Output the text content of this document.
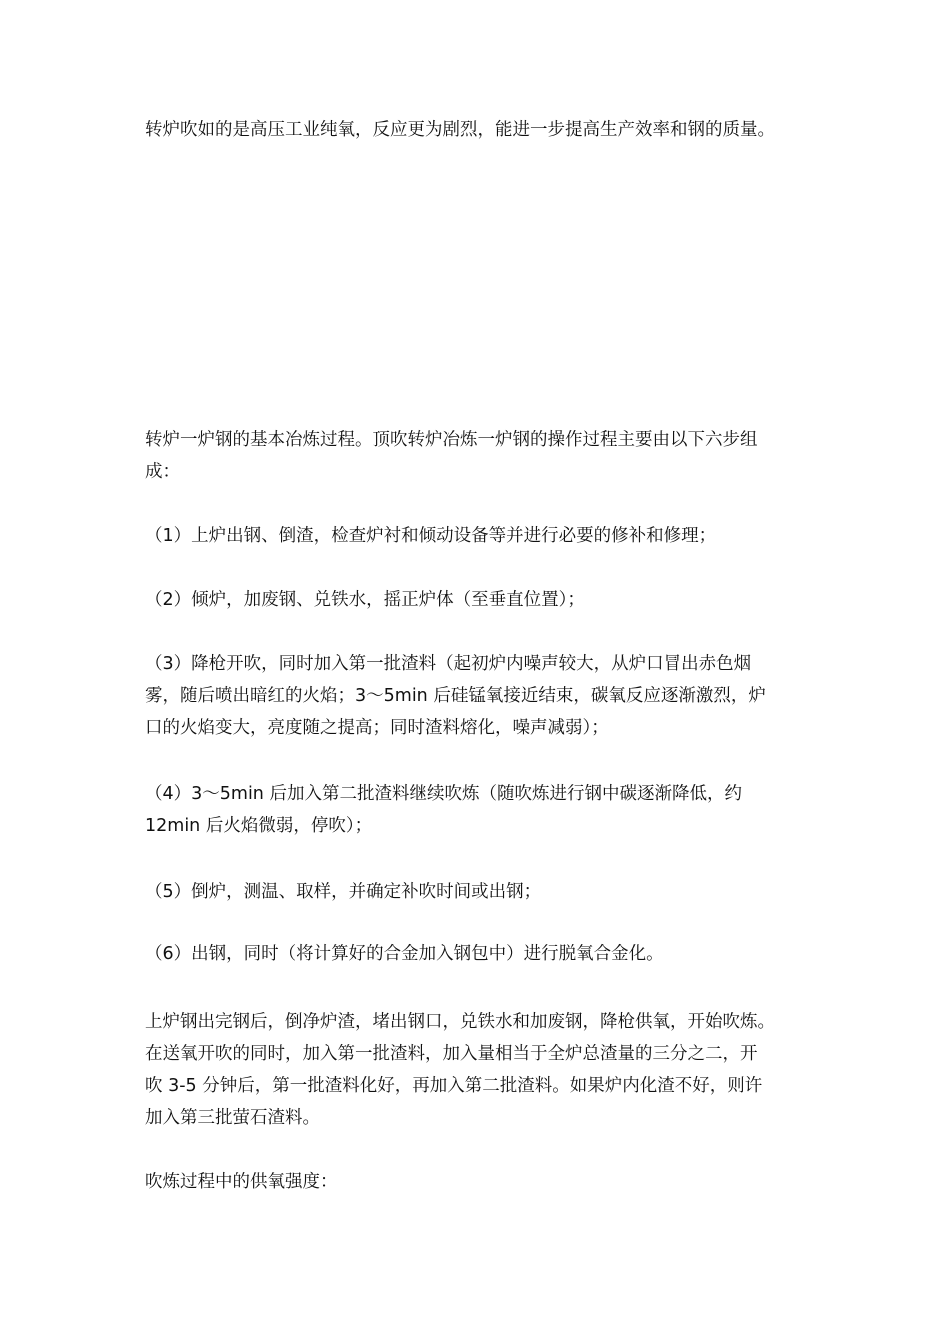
转炉吹如的是高压工业纯氧，反应更为剧烈，能进一步提高生产效率和钢的质量。

转炉一炉钢的基本冶炼过程。顶吹转炉冶炼一炉钢的操作过程主要由以下六步组
成：

（1）上炉出钢、倒渣，检查炉衬和倾动设备等并进行必要的修补和修理；

（2）倾炉，加废钢、兑铁水，摇正炉体（至垂直位置）；

（3）降枪开吹，同时加入第一批渣料（起初炉内噪声较大，从炉口冒出赤色烟
雾，随后喷出暗红的火焰；3～5min 后硅锰氧接近结束，碳氧反应逐渐激烈，炉
口的火焰变大，亮度随之提高；同时渣料熔化，噪声减弱）；

（4）3～5min 后加入第二批渣料继续吹炼（随吹炼进行钢中碳逐渐降低，约
12min 后火焰微弱，停吹）；

（5）倒炉，测温、取样，并确定补吹时间或出钢；

（6）出钢，同时（将计算好的合金加入钢包中）进行脱氧合金化。

上炉钢出完钢后，倒净炉渣，堵出钢口，兑铁水和加废钢，降枪供氧，开始吹炼。
在送氧开吹的同时，加入第一批渣料，加入量相当于全炉总渣量的三分之二，开
吹 3-5 分钟后，第一批渣料化好，再加入第二批渣料。如果炉内化渣不好，则许
加入第三批萤石渣料。

吹炼过程中的供氧强度：
